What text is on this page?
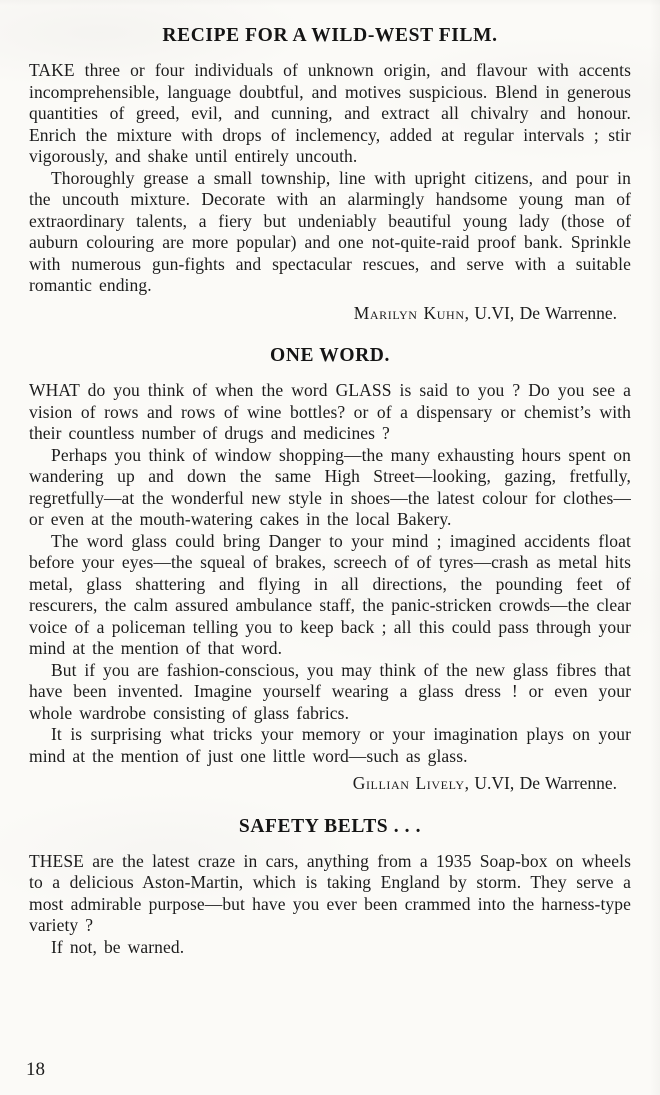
RECIPE FOR A WILD-WEST FILM.

TAKE three or four individuals of unknown origin, and flavour with accents incomprehensible, language doubtful, and motives suspicious. Blend in generous quantities of greed, evil, and cunning, and extract all chivalry and honour. Enrich the mixture with drops of inclemency, added at regular intervals ; stir vigorously, and shake until entirely uncouth.

Thoroughly grease a small township, line with upright citizens, and pour in the uncouth mixture. Decorate with an alarmingly handsome young man of extraordinary talents, a fiery but undeniably beautiful young lady (those of auburn colouring are more popular) and one not-quite-raid proof bank. Sprinkle with numerous gun-fights and spectacular rescues, and serve with a suitable romantic ending.

Marilyn Kuhn, U.VI, De Warrenne.

ONE WORD.

WHAT do you think of when the word GLASS is said to you ? Do you see a vision of rows and rows of wine bottles? or of a dispensary or chemist’s with their countless number of drugs and medicines ?

Perhaps you think of window shopping—the many exhausting hours spent on wandering up and down the same High Street—looking, gazing, fretfully, regretfully—at the wonderful new style in shoes—the latest colour for clothes—or even at the mouth-watering cakes in the local Bakery.

The word glass could bring Danger to your mind ; imagined accidents float before your eyes—the squeal of brakes, screech of of tyres—crash as metal hits metal, glass shattering and flying in all directions, the pounding feet of rescurers, the calm assured ambulance staff, the panic-stricken crowds—the clear voice of a policeman telling you to keep back ; all this could pass through your mind at the mention of that word.

But if you are fashion-conscious, you may think of the new glass fibres that have been invented. Imagine yourself wearing a glass dress ! or even your whole wardrobe consisting of glass fabrics.

It is surprising what tricks your memory or your imagination plays on your mind at the mention of just one little word—such as glass.

Gillian Lively, U.VI, De Warrenne.

SAFETY BELTS . . .

THESE are the latest craze in cars, anything from a 1935 Soap-box on wheels to a delicious Aston-Martin, which is taking England by storm. They serve a most admirable purpose—but have you ever been crammed into the harness-type variety ?

If not, be warned.

18
